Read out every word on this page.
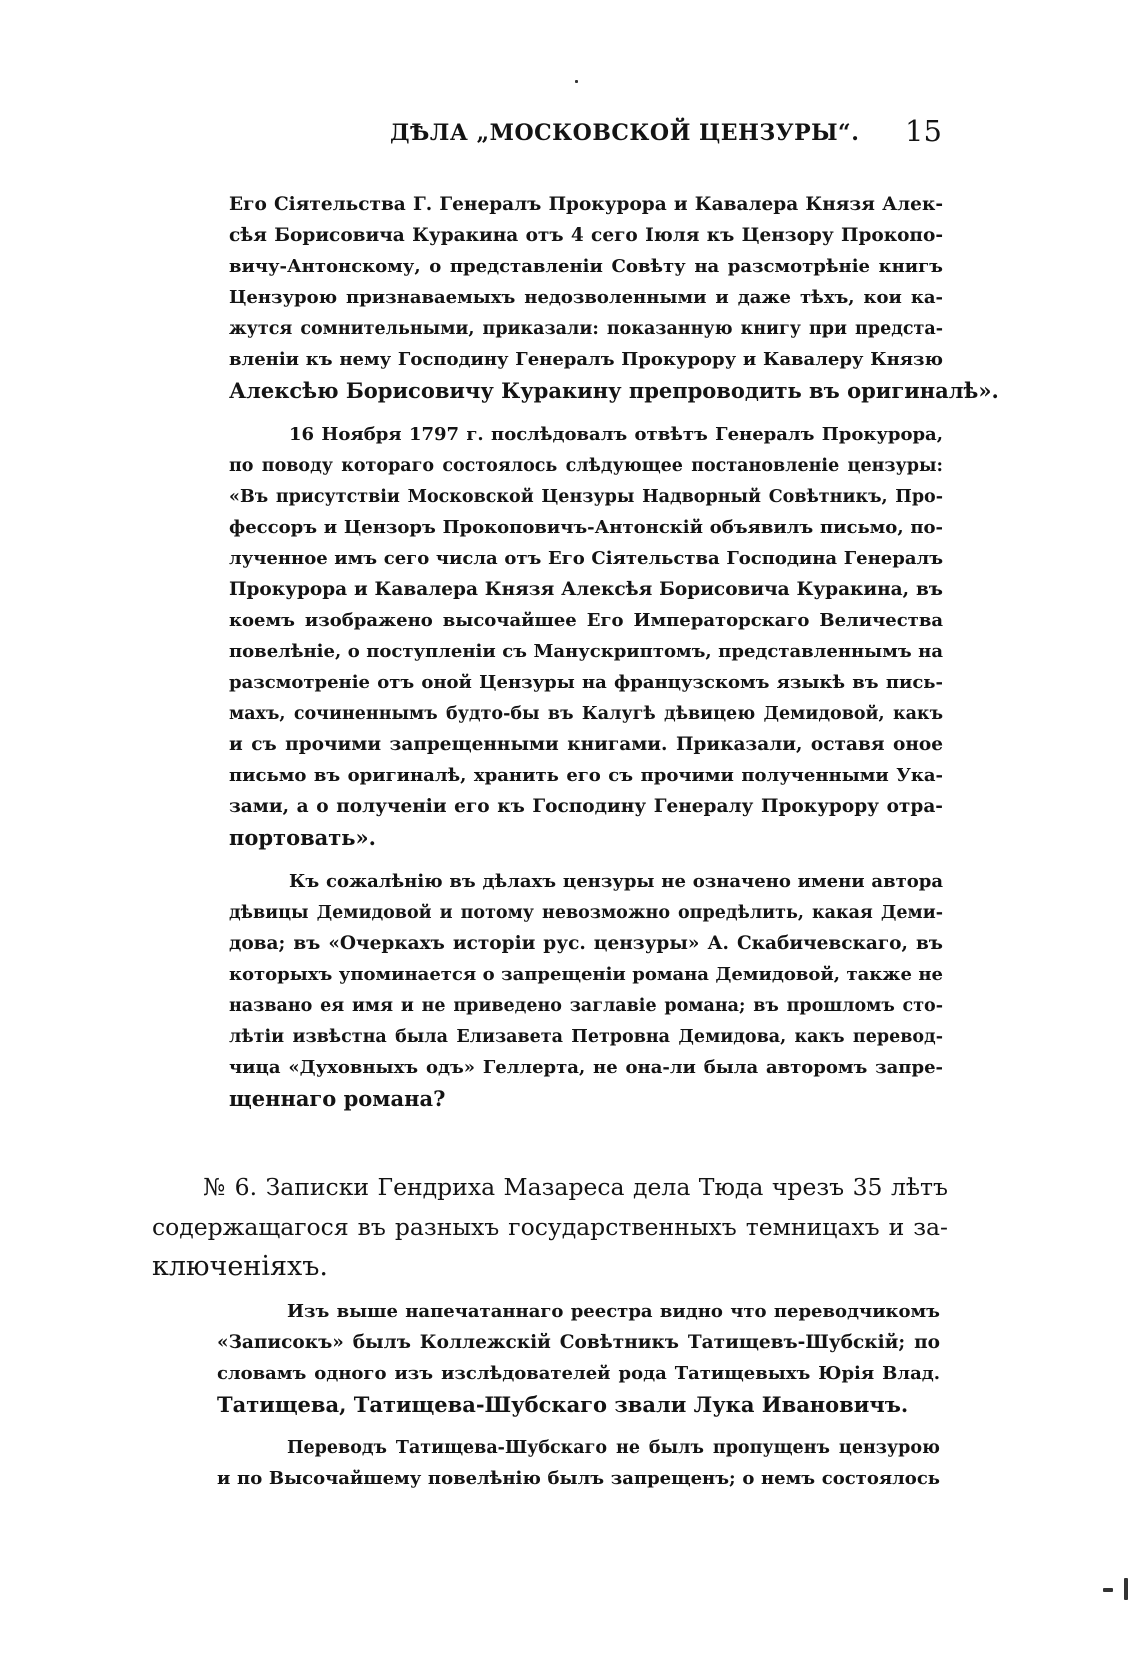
ДѢЛА „МОСКОВСКОЙ ЦЕНЗУРЫ“. 15
Его Сіятельства Г. Генералъ Прокурора и Кавалера Князя Алек-
сѣя Борисовича Куракина отъ 4 сего Іюля къ Цензору Прокопо-
вичу-Антонскому, о представленіи Совѣту на разсмотрѣніе книгъ
Цензурою признаваемыхъ недозволенными и даже тѣхъ, кои ка-
жутся сомнительными, приказали: показанную книгу при предста-
вленіи къ нему Господину Генералъ Прокурору и Кавалеру Князю
Алексѣю Борисовичу Куракину препроводить въ оригиналѣ».
16 Ноября 1797 г. послѣдовалъ отвѣтъ Генералъ Прокурора,
по поводу котораго состоялось слѣдующее постановленіе цензуры:
«Въ присутствіи Московской Цензуры Надворный Совѣтникъ, Про-
фессоръ и Цензоръ Прокоповичъ-Антонскій объявилъ письмо, по-
лученное имъ сего числа отъ Его Сіятельства Господина Генералъ
Прокурора и Кавалера Князя Алексѣя Борисовича Куракина, въ
коемъ изображено высочайшее Его Императорскаго Величества
повелѣніе, о поступленіи съ Манускриптомъ, представленнымъ на
разсмотреніе отъ оной Цензуры на французскомъ языкѣ въ пись-
махъ, сочиненнымъ будто-бы въ Калугѣ дѣвицею Демидовой, какъ
и съ прочими запрещенными книгами. Приказали, оставя оное
письмо въ оригиналѣ, хранить его съ прочими полученными Ука-
зами, а о полученіи его къ Господину Генералу Прокурору отра-
портовать».
Къ сожалѣнію въ дѣлахъ цензуры не означено имени автора
дѣвицы Демидовой и потому невозможно опредѣлить, какая Деми-
дова; въ «Очеркахъ исторіи рус. цензуры» А. Скабичевскаго, въ
которыхъ упоминается о запрещеніи романа Демидовой, также не
названо ея имя и не приведено заглавіе романа; въ прошломъ сто-
лѣтіи извѣстна была Елизавета Петровна Демидова, какъ перевод-
чица «Духовныхъ одъ» Геллерта, не она-ли была авторомъ запре-
щеннаго романа?
№ 6. Записки Гендриха Мазареса дела Тюда чрезъ 35 лѣтъ
содержащагося въ разныхъ государственныхъ темницахъ и за-
ключеніяхъ.
Изъ выше напечатаннаго реестра видно что переводчикомъ
«Записокъ» былъ Коллежскій Совѣтникъ Татищевъ-Шубскій; по
словамъ одного изъ изслѣдователей рода Татищевыхъ Юрія Влад.
Татищева, Татищева-Шубскаго звали Лука Ивановичъ.
Переводъ Татищева-Шубскаго не былъ пропущенъ цензурою
и по Высочайшему повелѣнію былъ запрещенъ; о немъ состоялось
